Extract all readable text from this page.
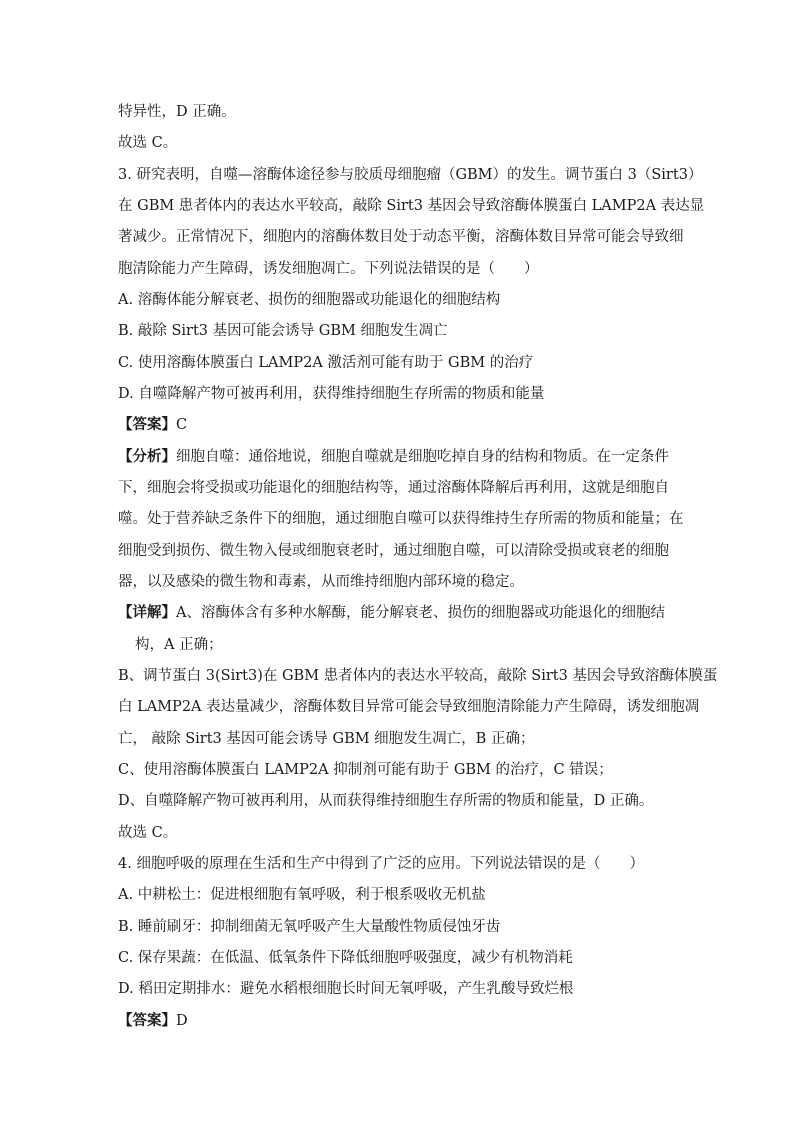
特异性，D 正确。
故选 C。
3. 研究表明，自噬—溶酶体途径参与胶质母细胞瘤（GBM）的发生。调节蛋白 3（Sirt3）
在 GBM 患者体内的表达水平较高，敲除 Sirt3 基因会导致溶酶体膜蛋白 LAMP2A 表达显
著减少。正常情况下，细胞内的溶酶体数目处于动态平衡，溶酶体数目异常可能会导致细
胞清除能力产生障碍，诱发细胞凋亡。下列说法错误的是（　　）
A. 溶酶体能分解衰老、损伤的细胞器或功能退化的细胞结构
B. 敲除 Sirt3 基因可能会诱导 GBM 细胞发生凋亡
C. 使用溶酶体膜蛋白 LAMP2A 激活剂可能有助于 GBM 的治疗
D. 自噬降解产物可被再利用，获得维持细胞生存所需的物质和能量
【答案】C
【分析】细胞自噬：通俗地说，细胞自噬就是细胞吃掉自身的结构和物质。在一定条件
下，细胞会将受损或功能退化的细胞结构等，通过溶酶体降解后再利用，这就是细胞自
噬。处于营养缺乏条件下的细胞，通过细胞自噬可以获得维持生存所需的物质和能量；在
细胞受到损伤、微生物入侵或细胞衰老时，通过细胞自噬，可以清除受损或衰老的细胞
器，以及感染的微生物和毒素，从而维持细胞内部环境的稳定。
【详解】A、溶酶体含有多种水解酶，能分解衰老、损伤的细胞器或功能退化的细胞结
构，A 正确；
B、调节蛋白 3(Sirt3)在 GBM 患者体内的表达水平较高，敲除 Sirt3 基因会导致溶酶体膜蛋
白 LAMP2A 表达量减少，溶酶体数目异常可能会导致细胞清除能力产生障碍，诱发细胞凋
亡， 敲除 Sirt3 基因可能会诱导 GBM 细胞发生凋亡，B 正确；
C、使用溶酶体膜蛋白 LAMP2A 抑制剂可能有助于 GBM 的治疗，C 错误；
D、自噬降解产物可被再利用，从而获得维持细胞生存所需的物质和能量，D 正确。
故选 C。
4. 细胞呼吸的原理在生活和生产中得到了广泛的应用。下列说法错误的是（　　）
A. 中耕松土：促进根细胞有氧呼吸，利于根系吸收无机盐
B. 睡前刷牙：抑制细菌无氧呼吸产生大量酸性物质侵蚀牙齿
C. 保存果蔬：在低温、低氧条件下降低细胞呼吸强度，减少有机物消耗
D. 稻田定期排水：避免水稻根细胞长时间无氧呼吸，产生乳酸导致烂根
【答案】D
